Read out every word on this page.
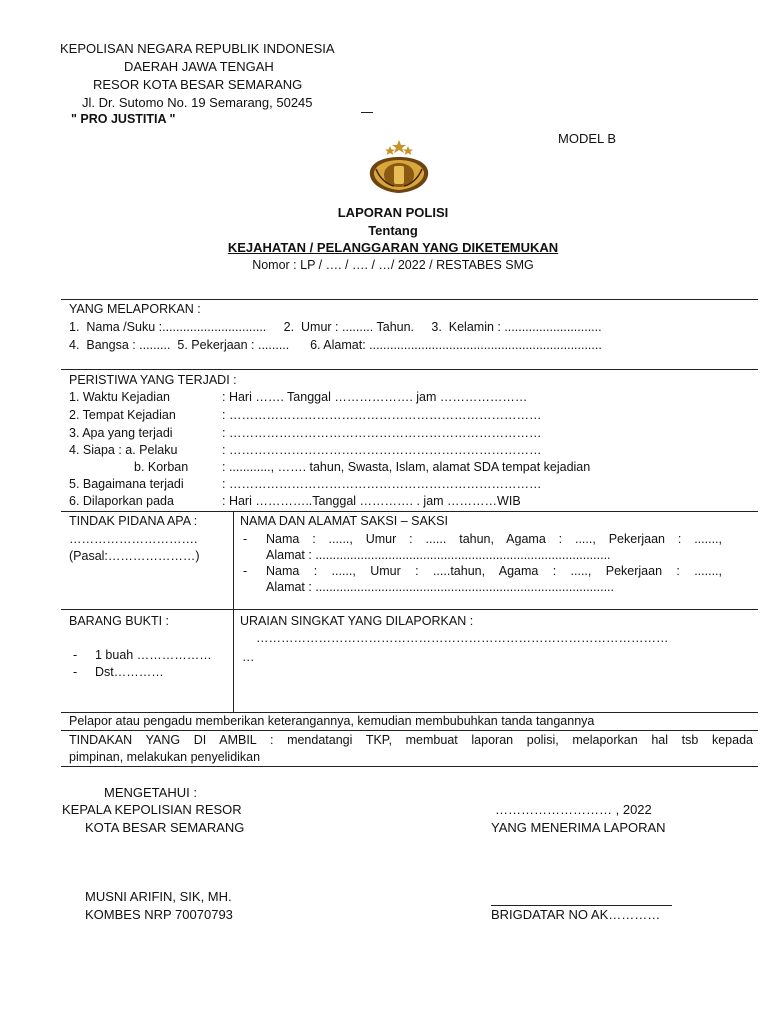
KEPOLISAN NEGARA REPUBLIK INDONESIA
DAERAH JAWA TENGAH
RESOR KOTA BESAR SEMARANG
Jl. Dr. Sutomo No. 19 Semarang, 50245
" PRO JUSTITIA "
MODEL B
LAPORAN POLISI
Tentang
KEJAHATAN / PELANGGARAN YANG DIKETEMUKAN
Nomor : LP / …. / …. / …/ 2022 / RESTABES SMG
YANG MELAPORKAN :
1.  Nama /Suku :..............................     2.  Umur : ......... Tahun.     3.  Kelamin : ............................
4.  Bangsa : .........  5. Pekerjaan : .........      6. Alamat: ...................................................................
PERISTIWA YANG TERJADI :
1. Waktu Kejadian	: Hari ……. Tanggal ………………. jam …………………
2. Tempat Kejadian	: …………………………………………………………………
3. Apa yang terjadi	: …………………………………………………………………
4. Siapa : a. Pelaku	: …………………………………………………………………
b. Korban	: ............, ……. tahun, Swasta, Islam, alamat SDA tempat kejadian
5. Bagaimana terjadi	: …………………………………………………………………
6. Dilaporkan pada	: Hari …………..Tanggal …………. . jam …………WIB
TINDAK PIDANA APA :
………………………….
(Pasal:…………………)
NAMA DAN ALAMAT SAKSI – SAKSI
- Nama : ......, Umur : ...... tahun, Agama : ....., Pekerjaan : .......,
Alamat : .....................................................................................
- Nama : ......, Umur : .....tahun, Agama : ....., Pekerjaan : .......,
Alamat : ......................................................................................
BARANG BUKTI :
- 1 buah ………………
- Dst…………
URAIAN SINGKAT YANG DILAPORKAN :
………………………………………………………………………………………
…
Pelapor atau pengadu memberikan keterangannya, kemudian membubuhkan tanda tangannya
TINDAKAN YANG DI AMBIL : mendatangi TKP, membuat laporan polisi, melaporkan hal tsb kepada
pimpinan, melakukan penyelidikan
MENGETAHUI :
KEPALA KEPOLISIAN RESOR
KOTA BESAR SEMARANG
MUSNI ARIFIN, SIK, MH.
KOMBES NRP 70070793
……………………… , 2022
YANG MENERIMA LAPORAN
BRIGDATAR NO AK…………
